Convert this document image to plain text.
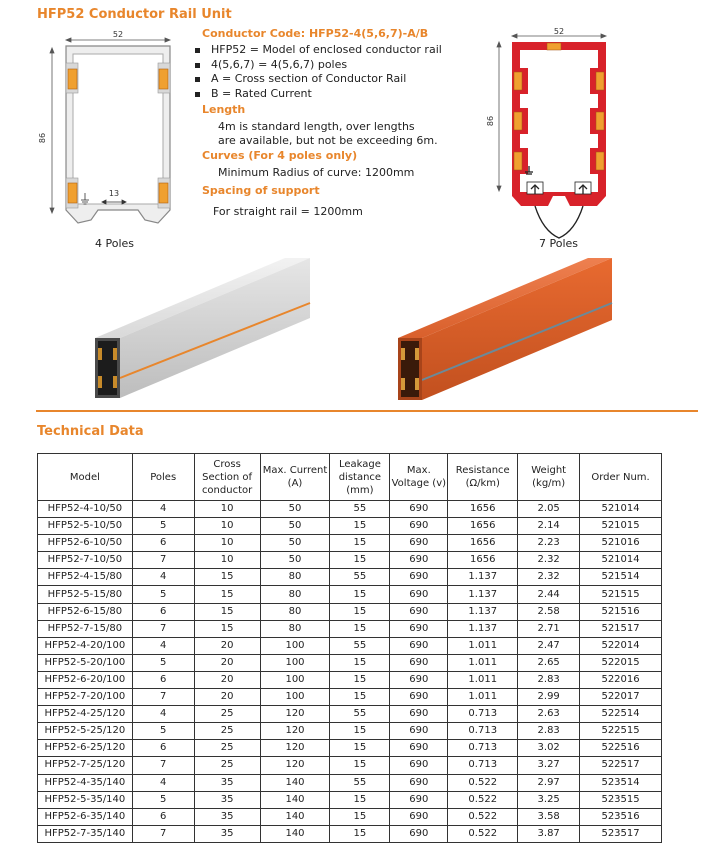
HFP52 Conductor Rail Unit
52
86
13
4 Poles
Conductor Code: HFP52-4(5,6,7)-A/B
HFP52 = Model of enclosed conductor rail
4(5,6,7) = 4(5,6,7) poles
A = Cross section of Conductor Rail
B = Rated Current
Length
4m is standard length, over lengths
are available, but not be exceeding 6m.
Curves (For 4 poles only)
Minimum Radius of curve: 1200mm
Spacing of support
For straight rail = 1200mm
52
86
7 Poles
Technical Data
Model	Poles	Cross Section of conductor	Max. Current (A)	Leakage distance (mm)	Max. Voltage (v)	Resistance (Ω/km)	Weight (kg/m)	Order Num.
HFP52-4-10/50	4	10	50	55	690	1656	2.05	521014
HFP52-5-10/50	5	10	50	15	690	1656	2.14	521015
HFP52-6-10/50	6	10	50	15	690	1656	2.23	521016
HFP52-7-10/50	7	10	50	15	690	1656	2.32	521014
HFP52-4-15/80	4	15	80	55	690	1.137	2.32	521514
HFP52-5-15/80	5	15	80	15	690	1.137	2.44	521515
HFP52-6-15/80	6	15	80	15	690	1.137	2.58	521516
HFP52-7-15/80	7	15	80	15	690	1.137	2.71	521517
HFP52-4-20/100	4	20	100	55	690	1.011	2.47	522014
HFP52-5-20/100	5	20	100	15	690	1.011	2.65	522015
HFP52-6-20/100	6	20	100	15	690	1.011	2.83	522016
HFP52-7-20/100	7	20	100	15	690	1.011	2.99	522017
HFP52-4-25/120	4	25	120	55	690	0.713	2.63	522514
HFP52-5-25/120	5	25	120	15	690	0.713	2.83	522515
HFP52-6-25/120	6	25	120	15	690	0.713	3.02	522516
HFP52-7-25/120	7	25	120	15	690	0.713	3.27	522517
HFP52-4-35/140	4	35	140	55	690	0.522	2.97	523514
HFP52-5-35/140	5	35	140	15	690	0.522	3.25	523515
HFP52-6-35/140	6	35	140	15	690	0.522	3.58	523516
HFP52-7-35/140	7	35	140	15	690	0.522	3.87	523517
